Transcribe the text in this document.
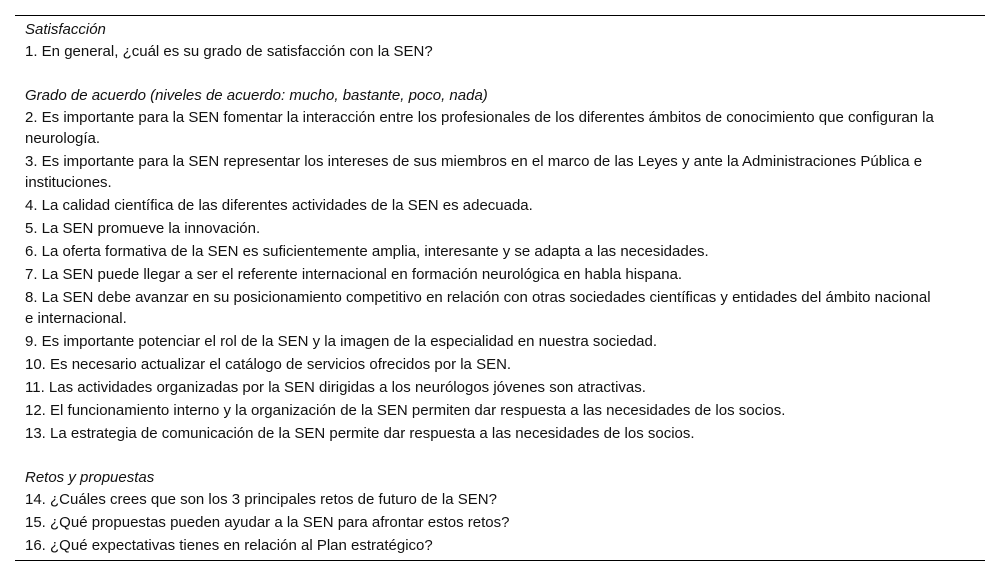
Satisfacción
1. En general, ¿cuál es su grado de satisfacción con la SEN?
Grado de acuerdo (niveles de acuerdo: mucho, bastante, poco, nada)
2. Es importante para la SEN fomentar la interacción entre los profesionales de los diferentes ámbitos de conocimiento que configuran la neurología.
3. Es importante para la SEN representar los intereses de sus miembros en el marco de las Leyes y ante la Administraciones Pública e instituciones.
4. La calidad científica de las diferentes actividades de la SEN es adecuada.
5. La SEN promueve la innovación.
6. La oferta formativa de la SEN es suficientemente amplia, interesante y se adapta a las necesidades.
7. La SEN puede llegar a ser el referente internacional en formación neurológica en habla hispana.
8. La SEN debe avanzar en su posicionamiento competitivo en relación con otras sociedades científicas y entidades del ámbito nacional e internacional.
9. Es importante potenciar el rol de la SEN y la imagen de la especialidad en nuestra sociedad.
10. Es necesario actualizar el catálogo de servicios ofrecidos por la SEN.
11. Las actividades organizadas por la SEN dirigidas a los neurólogos jóvenes son atractivas.
12. El funcionamiento interno y la organización de la SEN permiten dar respuesta a las necesidades de los socios.
13. La estrategia de comunicación de la SEN permite dar respuesta a las necesidades de los socios.
Retos y propuestas
14. ¿Cuáles crees que son los 3 principales retos de futuro de la SEN?
15. ¿Qué propuestas pueden ayudar a la SEN para afrontar estos retos?
16. ¿Qué expectativas tienes en relación al Plan estratégico?
